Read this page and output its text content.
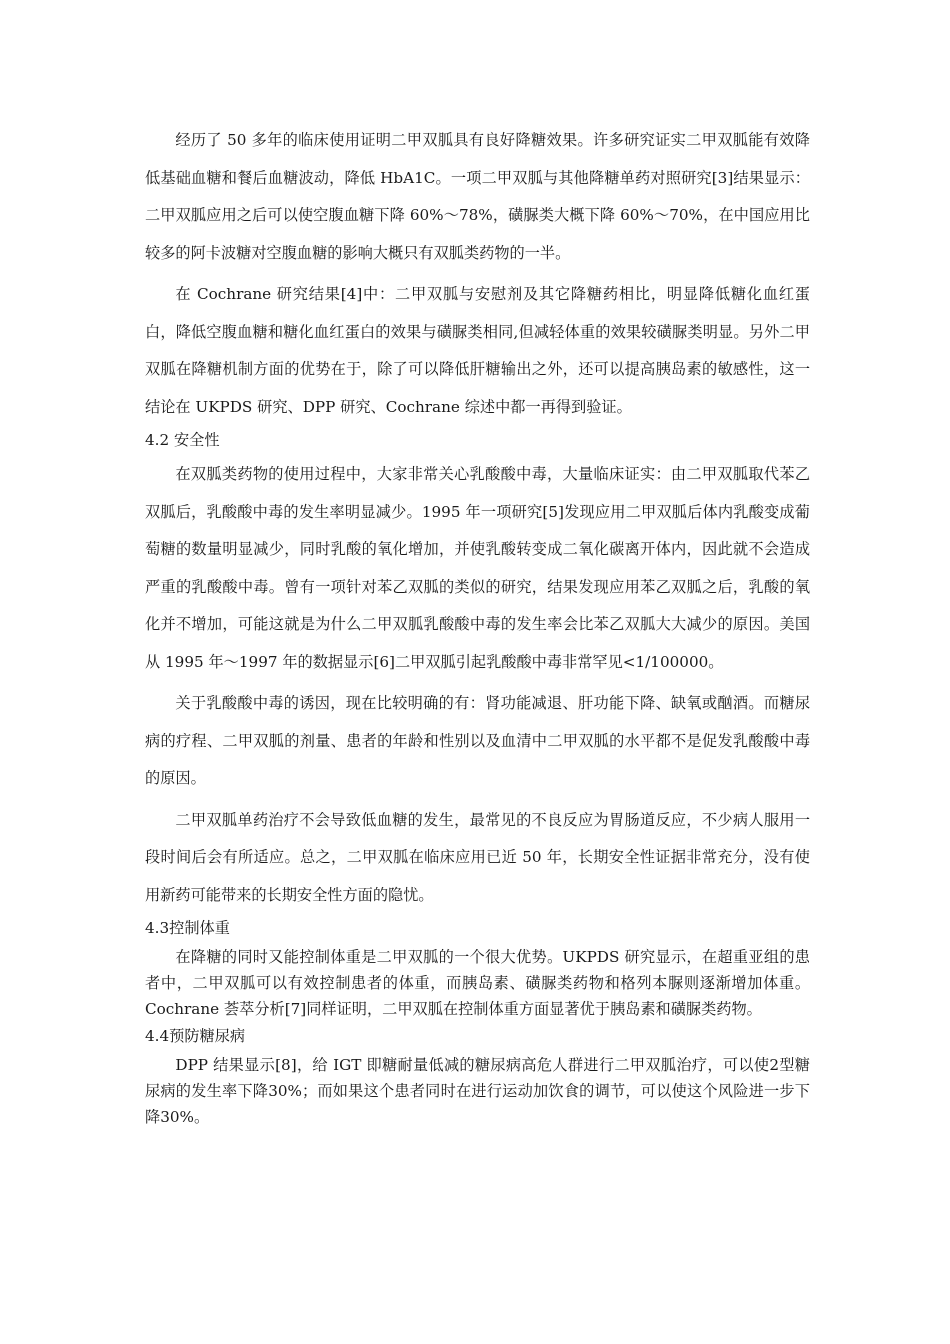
经历了 50 多年的临床使用证明二甲双胍具有良好降糖效果。许多研究证实二甲双胍能有效降低基础血糖和餐后血糖波动，降低 HbA1C。一项二甲双胍与其他降糖单药对照研究[3]结果显示：二甲双胍应用之后可以使空腹血糖下降 60%～78%，磺脲类大概下降 60%～70%，在中国应用比较多的阿卡波糖对空腹血糖的影响大概只有双胍类药物的一半。

在 Cochrane 研究结果[4]中：二甲双胍与安慰剂及其它降糖药相比，明显降低糖化血红蛋白，降低空腹血糖和糖化血红蛋白的效果与磺脲类相同,但减轻体重的效果较磺脲类明显。另外二甲双胍在降糖机制方面的优势在于，除了可以降低肝糖输出之外，还可以提高胰岛素的敏感性，这一结论在 UKPDS 研究、DPP 研究、Cochrane 综述中都一再得到验证。

4.2 安全性

在双胍类药物的使用过程中，大家非常关心乳酸酸中毒，大量临床证实：由二甲双胍取代苯乙双胍后，乳酸酸中毒的发生率明显减少。1995 年一项研究[5]发现应用二甲双胍后体内乳酸变成葡萄糖的数量明显减少，同时乳酸的氧化增加，并使乳酸转变成二氧化碳离开体内，因此就不会造成严重的乳酸酸中毒。曾有一项针对苯乙双胍的类似的研究，结果发现应用苯乙双胍之后，乳酸的氧化并不增加，可能这就是为什么二甲双胍乳酸酸中毒的发生率会比苯乙双胍大大减少的原因。美国从 1995 年～1997 年的数据显示[6]二甲双胍引起乳酸酸中毒非常罕见<1/100000。

关于乳酸酸中毒的诱因，现在比较明确的有：肾功能减退、肝功能下降、缺氧或酗酒。而糖尿病的疗程、二甲双胍的剂量、患者的年龄和性别以及血清中二甲双胍的水平都不是促发乳酸酸中毒的原因。

二甲双胍单药治疗不会导致低血糖的发生，最常见的不良反应为胃肠道反应，不少病人服用一段时间后会有所适应。总之，二甲双胍在临床应用已近 50 年，长期安全性证据非常充分，没有使用新药可能带来的长期安全性方面的隐忧。

4.3控制体重

在降糖的同时又能控制体重是二甲双胍的一个很大优势。UKPDS 研究显示，在超重亚组的患者中，二甲双胍可以有效控制患者的体重，而胰岛素、磺脲类药物和格列本脲则逐渐增加体重。Cochrane 荟萃分析[7]同样证明，二甲双胍在控制体重方面显著优于胰岛素和磺脲类药物。

4.4预防糖尿病

DPP 结果显示[8]，给 IGT 即糖耐量低减的糖尿病高危人群进行二甲双胍治疗，可以使2型糖尿病的发生率下降30%；而如果这个患者同时在进行运动加饮食的调节，可以使这个风险进一步下降30%。
